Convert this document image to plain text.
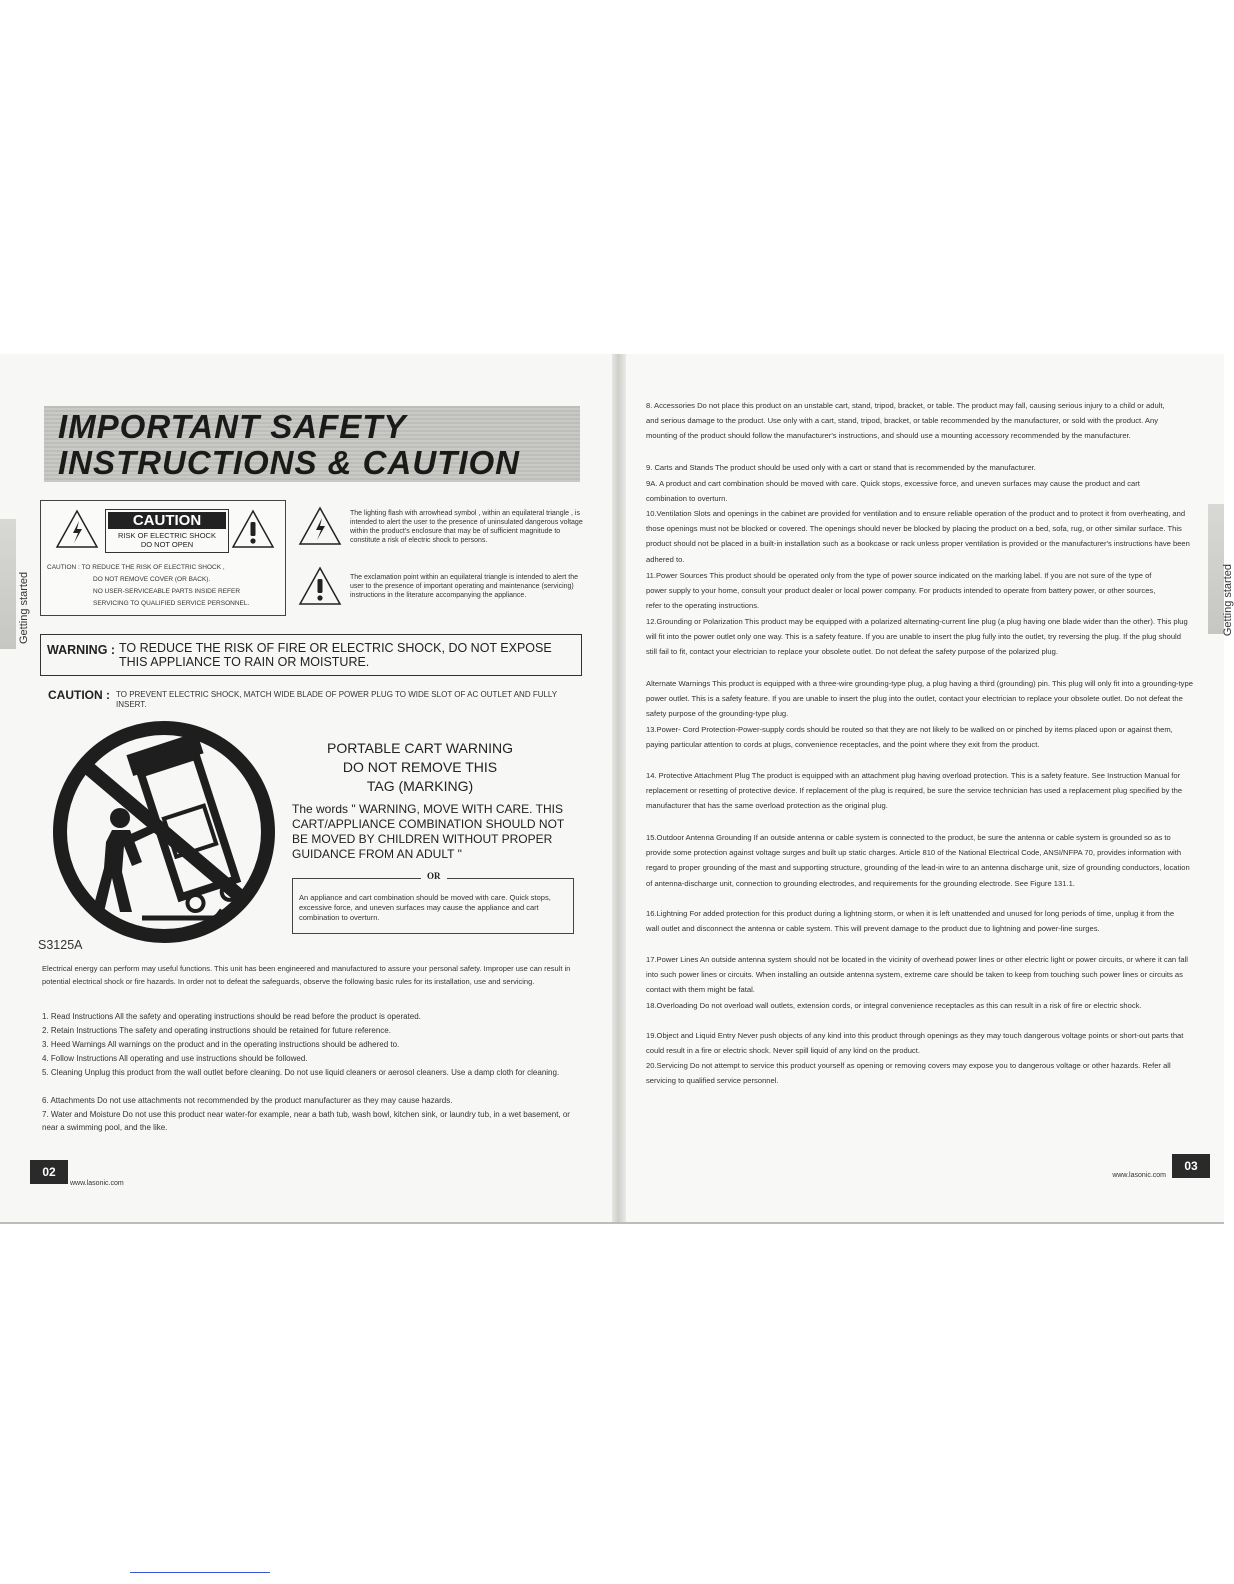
Getting started
IMPORTANT SAFETY
INSTRUCTIONS & CAUTION
CAUTION
RISK OF ELECTRIC SHOCK
DO NOT OPEN
CAUTION : TO REDUCE THE RISK OF ELECTRIC SHOCK ,
DO NOT REMOVE COVER (OR BACK).
NO USER-SERVICEABLE PARTS INSIDE REFER
SERVICING TO QUALIFIED SERVICE PERSONNEL.
The lighting flash with arrowhead symbol , within an equilateral triangle , is intended to alert the user to the presence of uninsulated dangerous voltage within the product's enclosure that may be of sufficient magnitude to constitute a risk of electric shock to persons.
The exclamation point within an equilateral triangle is intended to alert the user to the presence of important operating and maintenance (servicing) instructions in the literature accompanying the appliance.
WARNING : TO REDUCE THE RISK OF FIRE OR ELECTRIC SHOCK, DO NOT EXPOSE THIS APPLIANCE TO RAIN OR MOISTURE.
CAUTION : TO PREVENT ELECTRIC SHOCK, MATCH WIDE BLADE OF POWER PLUG TO WIDE SLOT OF AC OUTLET AND FULLY INSERT.
PORTABLE CART WARNING
DO NOT REMOVE THIS
TAG (MARKING)
The words " WARNING, MOVE WITH CARE. THIS CART/APPLIANCE COMBINATION SHOULD NOT BE MOVED BY CHILDREN WITHOUT PROPER GUIDANCE FROM AN ADULT "
OR
An appliance and cart combination should be moved with care. Quick stops, excessive force, and uneven surfaces may cause the appliance and cart combination to overturn.
S3125A
Electrical energy can perform may useful functions. This unit has been engineered and manufactured to assure your personal safety. Improper use can result in potential electrical shock or fire hazards. In order not to defeat the safeguards, observe the following basic rules for its installation, use and servicing.
1. Read Instructions All the safety and operating instructions should be read before the product is operated.
2. Retain Instructions The safety and operating instructions should be retained for future reference.
3. Heed Warnings All warnings on the product and in the operating instructions should be adhered to.
4. Follow Instructions All operating and use instructions should be followed.
5. Cleaning Unplug this product from the wall outlet before cleaning. Do not use liquid cleaners or aerosol cleaners. Use a damp cloth for cleaning.
6. Attachments Do not use attachments not recommended by the product manufacturer as they may cause hazards.
7. Water and Moisture Do not use this product near water-for example, near a bath tub, wash bowl, kitchen sink, or laundry tub, in a wet basement, or near a swimming pool, and the like.
02
www.lasonic.com
Getting started
8. Accessories Do not place this product on an unstable cart, stand, tripod, bracket, or table. The product may fall, causing serious injury to a child or adult, and serious damage to the product. Use only with a cart, stand, tripod, bracket, or table recommended by the manufacturer, or sold with the product. Any mounting of the product should follow the manufacturer's instructions, and should use a mounting accessory recommended by the manufacturer.
9. Carts and Stands The product should be used only with a cart or stand that is recommended by the manufacturer.
9A. A product and cart combination should be moved with care. Quick stops, excessive force, and uneven surfaces may cause the product and cart combination to overturn.
10.Ventilation Slots and openings in the cabinet are provided for ventilation and to ensure reliable operation of the product and to protect it from overheating, and those openings must not be blocked or covered. The openings should never be blocked by placing the product on a bed, sofa, rug, or other similar surface. This product should not be placed in a built-in installation such as a bookcase or rack unless proper ventilation is provided or the manufacturer's instructions have been adhered to.
11.Power Sources This product should be operated only from the type of power source indicated on the marking label. If you are not sure of the type of power supply to your home, consult your product dealer or local power company. For products intended to operate from battery power, or other sources, refer to the operating instructions.
12.Grounding or Polarization This product may be equipped with a polarized alternating-current line plug (a plug having one blade wider than the other). This plug will fit into the power outlet only one way. This is a safety feature. If you are unable to insert the plug fully into the outlet, try reversing the plug. If the plug should still fail to fit, contact your electrician to replace your obsolete outlet. Do not defeat the safety purpose of the polarized plug.
Alternate Warnings This product is equipped with a three-wire grounding-type plug, a plug having a third (grounding) pin. This plug will only fit into a grounding-type power outlet. This is a safety feature. If you are unable to insert the plug into the outlet, contact your electrician to replace your obsolete outlet. Do not defeat the safety purpose of the grounding-type plug.
13.Power- Cord Protection-Power-supply cords should be routed so that they are not likely to be walked on or pinched by items placed upon or against them, paying particular attention to cords at plugs, convenience receptacles, and the point where they exit from the product.
14. Protective Attachment Plug The product is equipped with an attachment plug having overload protection. This is a safety feature. See Instruction Manual for replacement or resetting of protective device. If replacement of the plug is required, be sure the service technician has used a replacement plug specified by the manufacturer that has the same overload protection as the original plug.
15.Outdoor Antenna Grounding If an outside antenna or cable system is connected to the product, be sure the antenna or cable system is grounded so as to provide some protection against voltage surges and built up static charges. Article 810 of the National Electrical Code, ANSI/NFPA 70, provides information with regard to proper grounding of the mast and supporting structure, grounding of the lead-in wire to an antenna discharge unit, size of grounding conductors, location of antenna-discharge unit, connection to grounding electrodes, and requirements for the grounding electrode. See Figure 131.1.
16.Lightning For added protection for this product during a lightning storm, or when it is left unattended and unused for long periods of time, unplug it from the wall outlet and disconnect the antenna or cable system. This will prevent damage to the product due to lightning and power-line surges.
17.Power Lines An outside antenna system should not be located in the vicinity of overhead power lines or other electric light or power circuits, or where it can fall into such power lines or circuits. When installing an outside antenna system, extreme care should be taken to keep from touching such power lines or circuits as contact with them might be fatal.
18.Overloading Do not overload wall outlets, extension cords, or integral convenience receptacles as this can result in a risk of fire or electric shock.
19.Object and Liquid Entry Never push objects of any kind into this product through openings as they may touch dangerous voltage points or short-out parts that could result in a fire or electric shock. Never spill liquid of any kind on the product.
20.Servicing Do not attempt to service this product yourself as opening or removing covers may expose you to dangerous voltage or other hazards. Refer all servicing to qualified service personnel.
03
www.lasonic.com
